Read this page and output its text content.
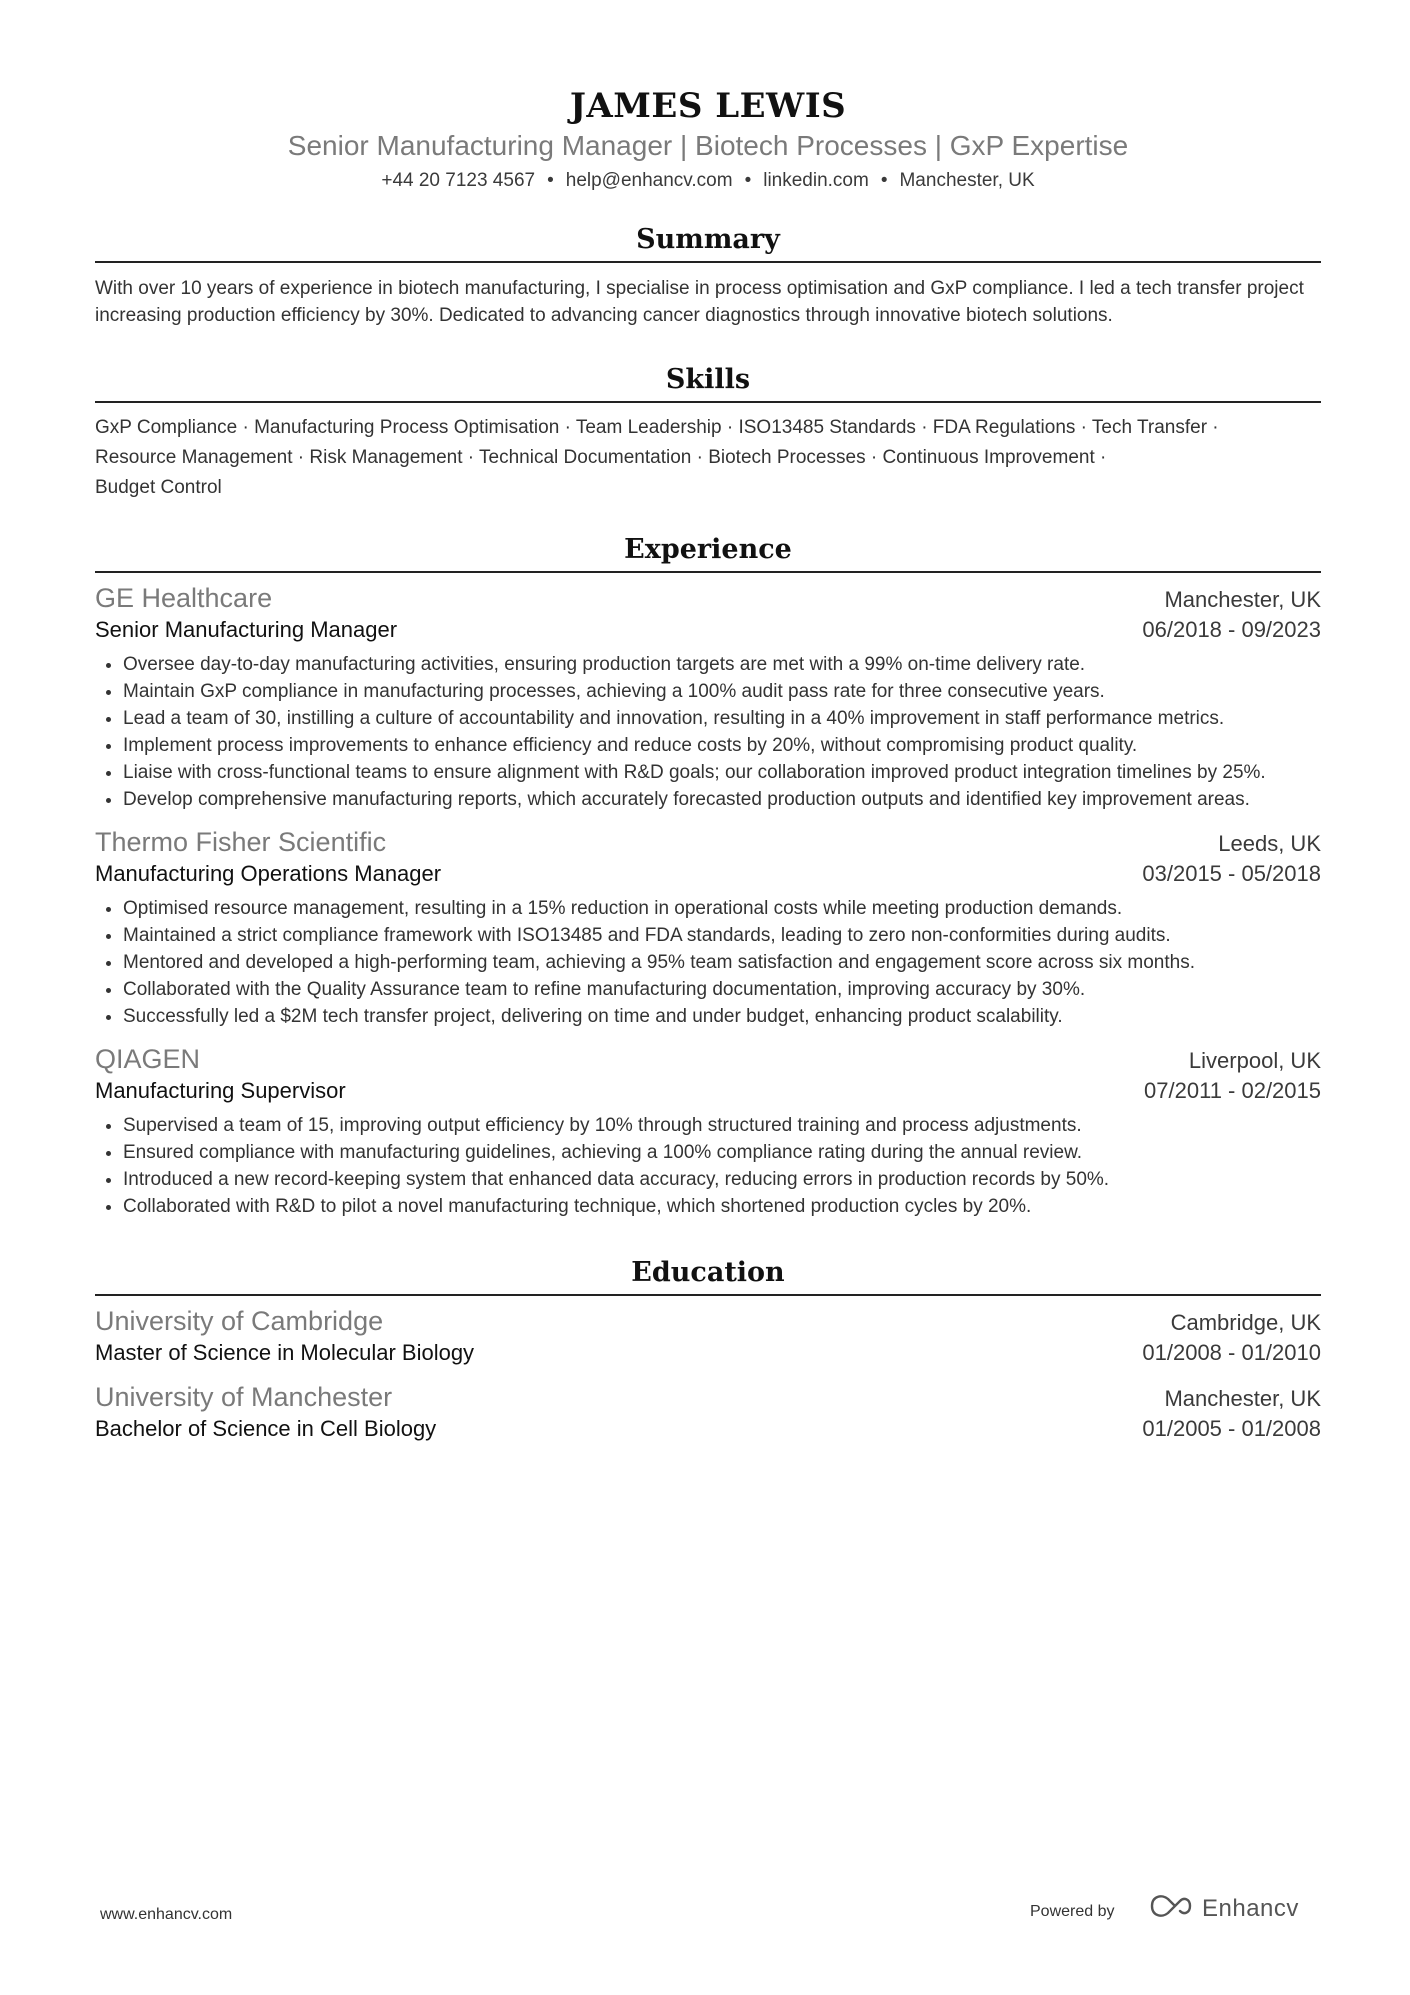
JAMES LEWIS
Senior Manufacturing Manager | Biotech Processes | GxP Expertise
+44 20 7123 4567 • help@enhancv.com • linkedin.com • Manchester, UK
Summary
With over 10 years of experience in biotech manufacturing, I specialise in process optimisation and GxP compliance. I led a tech transfer project increasing production efficiency by 30%. Dedicated to advancing cancer diagnostics through innovative biotech solutions.
Skills
GxP Compliance · Manufacturing Process Optimisation · Team Leadership · ISO13485 Standards · FDA Regulations · Tech Transfer ·
Resource Management · Risk Management · Technical Documentation · Biotech Processes · Continuous Improvement ·
Budget Control
Experience
GE Healthcare	Manchester, UK
Senior Manufacturing Manager	06/2018 - 09/2023
• Oversee day-to-day manufacturing activities, ensuring production targets are met with a 99% on-time delivery rate.
• Maintain GxP compliance in manufacturing processes, achieving a 100% audit pass rate for three consecutive years.
• Lead a team of 30, instilling a culture of accountability and innovation, resulting in a 40% improvement in staff performance metrics.
• Implement process improvements to enhance efficiency and reduce costs by 20%, without compromising product quality.
• Liaise with cross-functional teams to ensure alignment with R&D goals; our collaboration improved product integration timelines by 25%.
• Develop comprehensive manufacturing reports, which accurately forecasted production outputs and identified key improvement areas.
Thermo Fisher Scientific	Leeds, UK
Manufacturing Operations Manager	03/2015 - 05/2018
• Optimised resource management, resulting in a 15% reduction in operational costs while meeting production demands.
• Maintained a strict compliance framework with ISO13485 and FDA standards, leading to zero non-conformities during audits.
• Mentored and developed a high-performing team, achieving a 95% team satisfaction and engagement score across six months.
• Collaborated with the Quality Assurance team to refine manufacturing documentation, improving accuracy by 30%.
• Successfully led a $2M tech transfer project, delivering on time and under budget, enhancing product scalability.
QIAGEN	Liverpool, UK
Manufacturing Supervisor	07/2011 - 02/2015
• Supervised a team of 15, improving output efficiency by 10% through structured training and process adjustments.
• Ensured compliance with manufacturing guidelines, achieving a 100% compliance rating during the annual review.
• Introduced a new record-keeping system that enhanced data accuracy, reducing errors in production records by 50%.
• Collaborated with R&D to pilot a novel manufacturing technique, which shortened production cycles by 20%.
Education
University of Cambridge	Cambridge, UK
Master of Science in Molecular Biology	01/2008 - 01/2010
University of Manchester	Manchester, UK
Bachelor of Science in Cell Biology	01/2005 - 01/2008
www.enhancv.com	Powered by	Enhancv
